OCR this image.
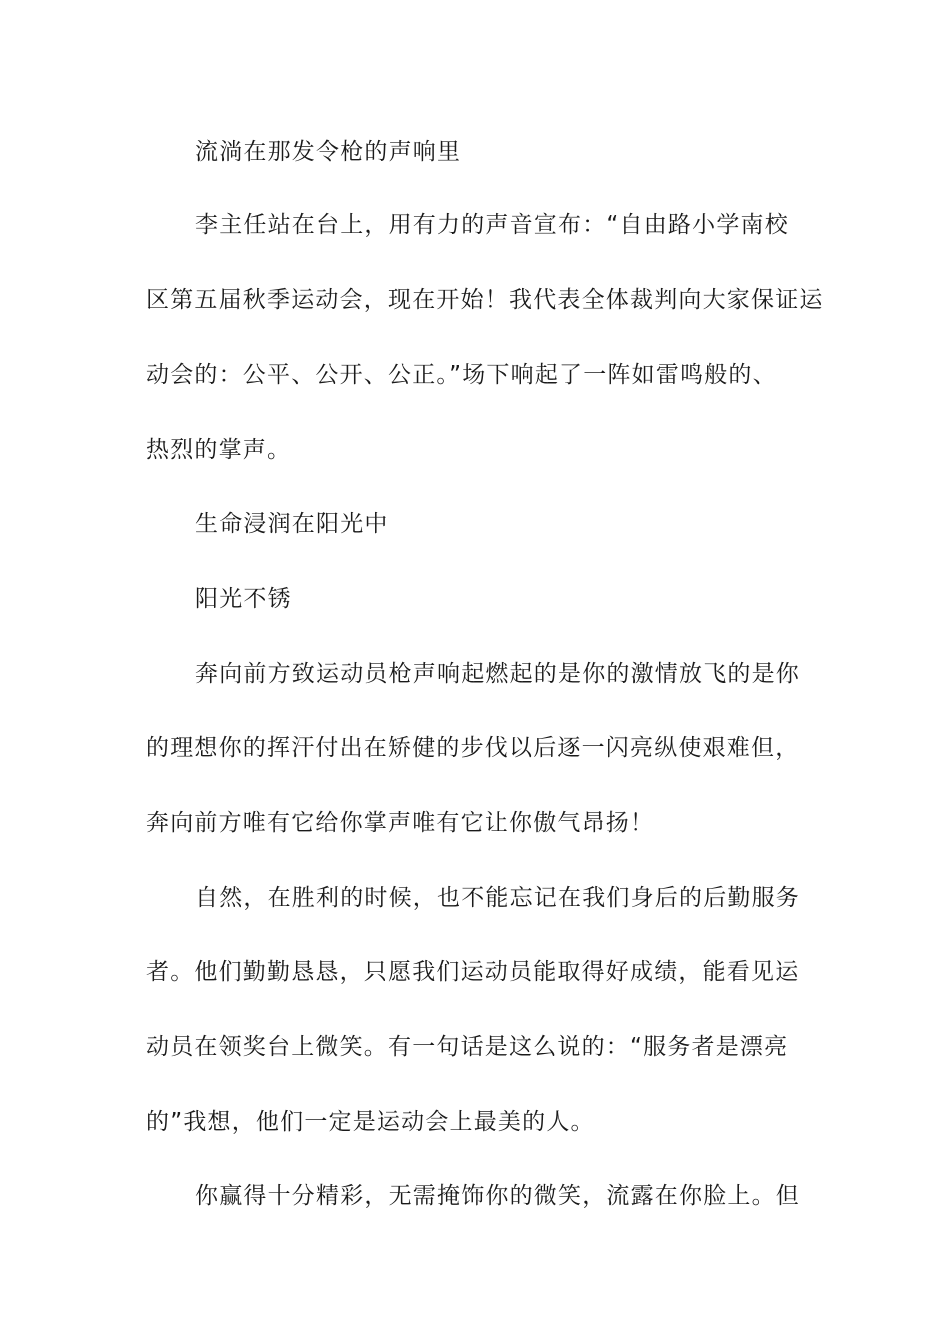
流淌在那发令枪的声响里
李主任站在台上，用有力的声音宣布：“自由路小学南校
区第五届秋季运动会，现在开始！我代表全体裁判向大家保证运
动会的：公平、公开、公正。”场下响起了一阵如雷鸣般的、
热烈的掌声。
生命浸润在阳光中
阳光不锈
奔向前方致运动员枪声响起燃起的是你的激情放飞的是你
的理想你的挥汗付出在矫健的步伐以后逐一闪亮纵使艰难但，
奔向前方唯有它给你掌声唯有它让你傲气昂扬！
自然，在胜利的时候，也不能忘记在我们身后的后勤服务
者。他们勤勤恳恳，只愿我们运动员能取得好成绩，能看见运
动员在领奖台上微笑。有一句话是这么说的：“服务者是漂亮
的”我想，他们一定是运动会上最美的人。
你赢得十分精彩，无需掩饰你的微笑，流露在你脸上。但
